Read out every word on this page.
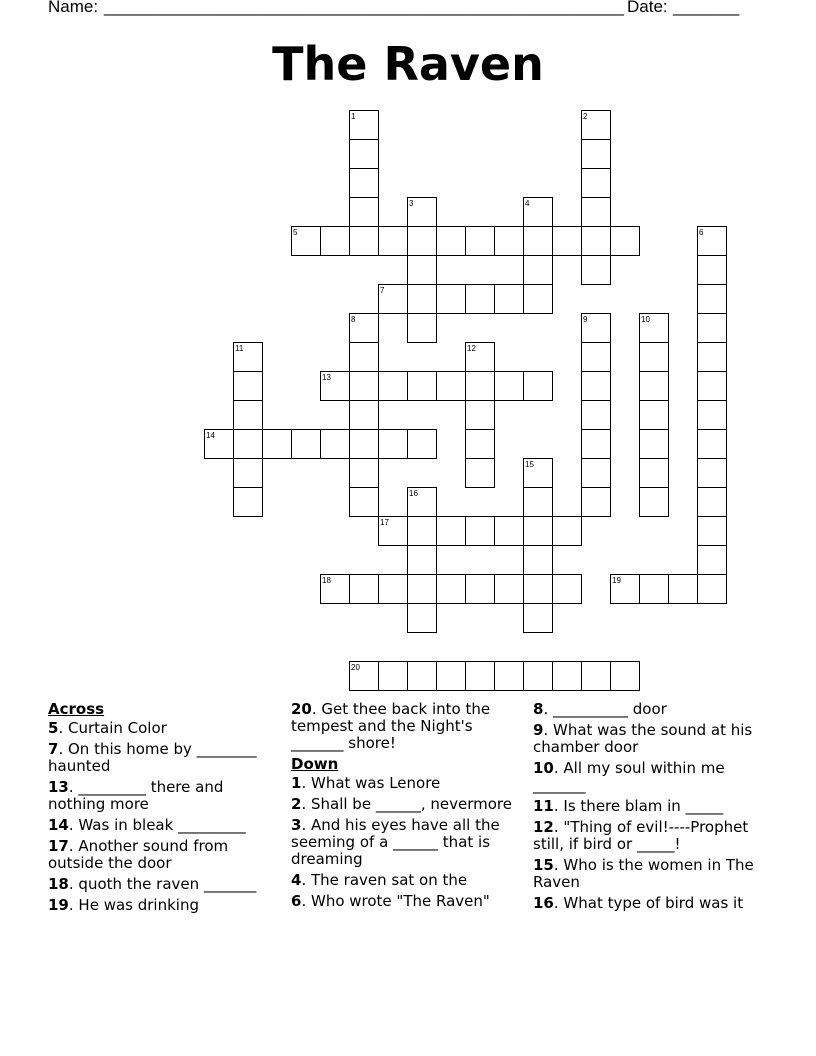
Name: _______________________________________________________ Date: _______
The Raven
1	2
3	4
5	6
7
8	9	10
11	12
13
14
15
16
17
18	19
20
Across
5. Curtain Color
7. On this home by ________ haunted
13. _________ there and nothing more
14. Was in bleak _________
17. Another sound from outside the door
18. quoth the raven _______
19. He was drinking
20. Get thee back into the tempest and the Night's _______ shore!
Down
1. What was Lenore
2. Shall be ______, nevermore
3. And his eyes have all the seeming of a ______ that is dreaming
4. The raven sat on the
6. Who wrote "The Raven"
8. __________ door
9. What was the sound at his chamber door
10. All my soul within me _______
11. Is there blam in _____
12. "Thing of evil!----Prophet still, if bird or _____!
15. Who is the women in The Raven
16. What type of bird was it
